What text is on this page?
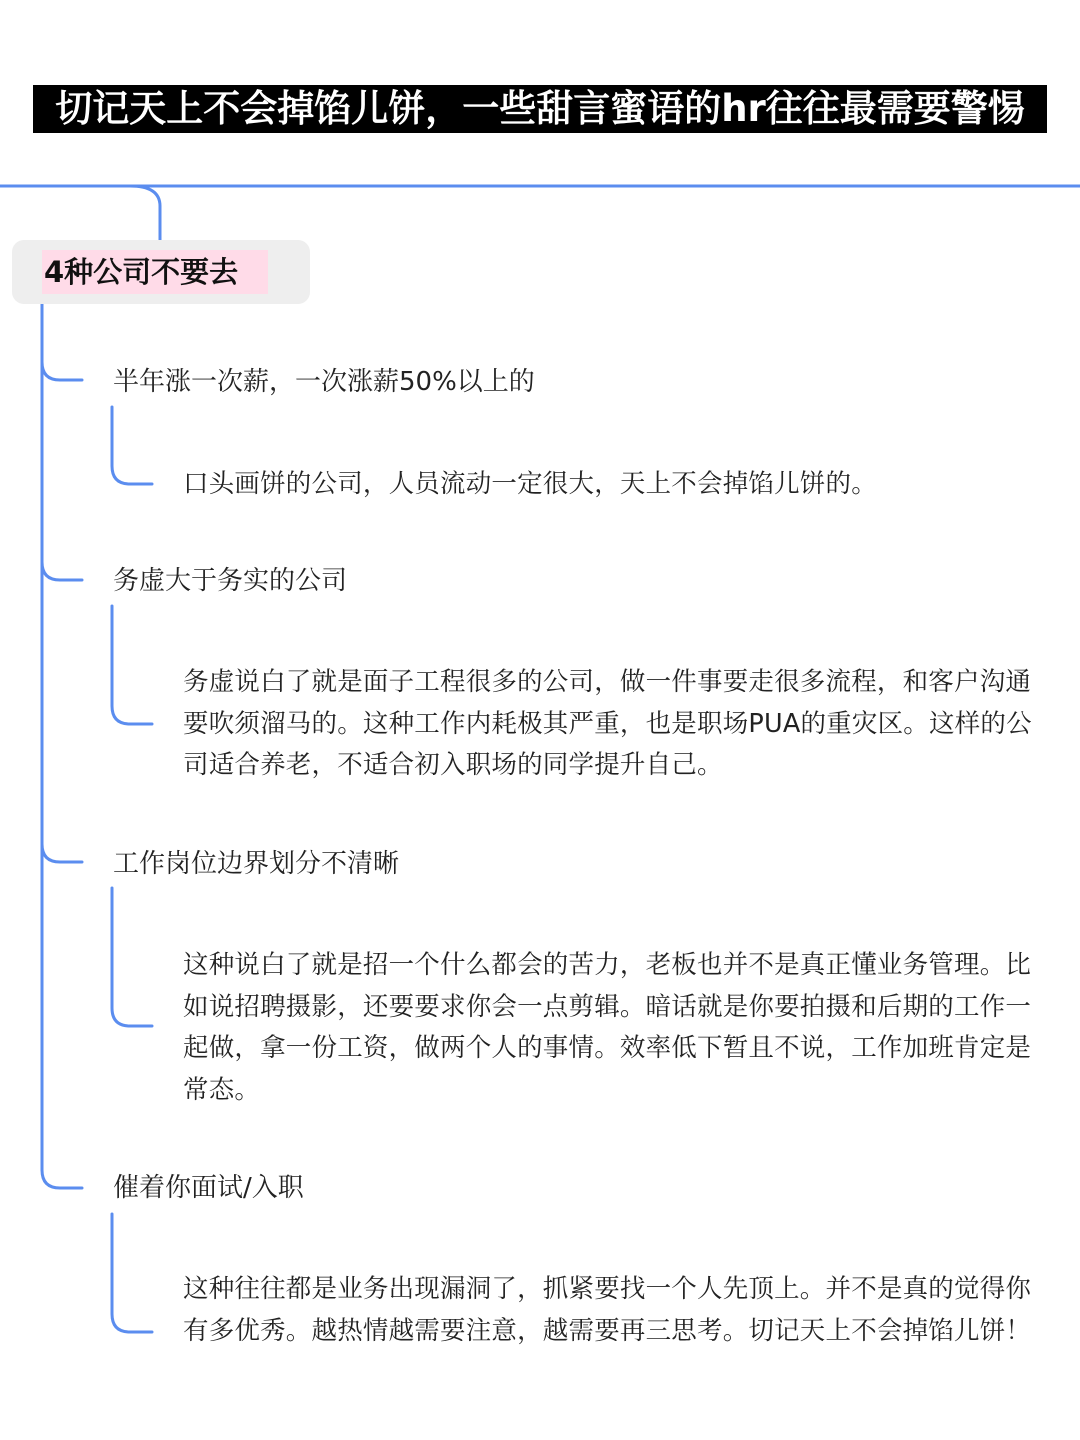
切记天上不会掉馅儿饼，一些甜言蜜语的hr往往最需要警惕
4种公司不要去
半年涨一次薪，一次涨薪50%以上的
口头画饼的公司，人员流动一定很大，天上不会掉馅儿饼的。
务虚大于务实的公司
务虚说白了就是面子工程很多的公司，做一件事要走很多流程，和客户沟通要吹须溜马的。这种工作内耗极其严重，也是职场PUA的重灾区。这样的公司适合养老，不适合初入职场的同学提升自己。
工作岗位边界划分不清晰
这种说白了就是招一个什么都会的苦力，老板也并不是真正懂业务管理。比如说招聘摄影，还要要求你会一点剪辑。暗话就是你要拍摄和后期的工作一起做，拿一份工资，做两个人的事情。效率低下暂且不说，工作加班肯定是常态。
催着你面试/入职
这种往往都是业务出现漏洞了，抓紧要找一个人先顶上。并不是真的觉得你有多优秀。越热情越需要注意，越需要再三思考。切记天上不会掉馅儿饼！
